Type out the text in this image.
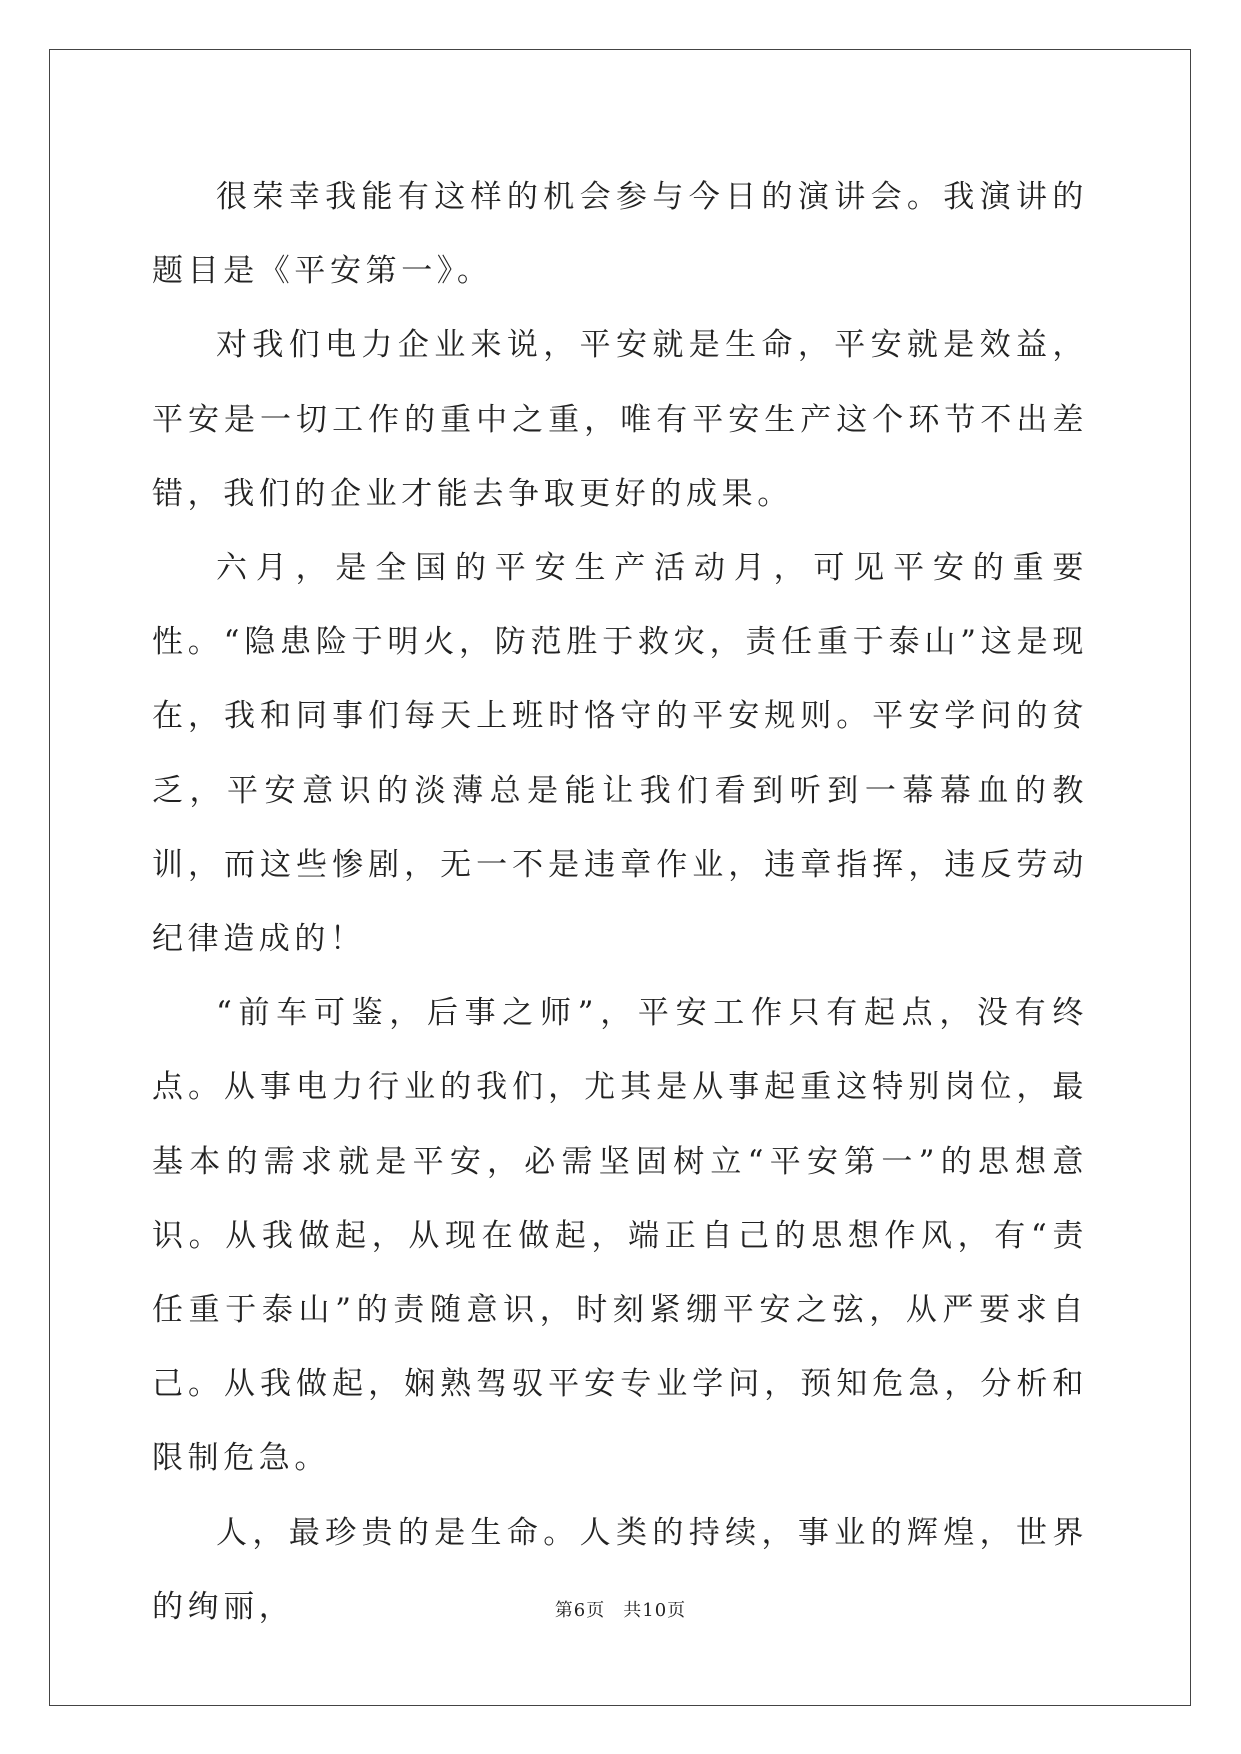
很荣幸我能有这样的机会参与今日的演讲会。我演讲的题目是《平安第一》。

对我们电力企业来说，平安就是生命，平安就是效益，平安是一切工作的重中之重，唯有平安生产这个环节不出差错，我们的企业才能去争取更好的成果。

六月，是全国的平安生产活动月，可见平安的重要性。“隐患险于明火，防范胜于救灾，责任重于泰山”这是现在，我和同事们每天上班时恪守的平安规则。平安学问的贫乏，平安意识的淡薄总是能让我们看到听到一幕幕血的教训，而这些惨剧，无一不是违章作业，违章指挥，违反劳动纪律造成的！

“前车可鉴，后事之师”，平安工作只有起点，没有终点。从事电力行业的我们，尤其是从事起重这特别岗位，最基本的需求就是平安，必需坚固树立“平安第一”的思想意识。从我做起，从现在做起，端正自己的思想作风，有“责任重于泰山”的责随意识，时刻紧绷平安之弦，从严要求自己。从我做起，娴熟驾驭平安专业学问，预知危急，分析和限制危急。

人，最珍贵的是生命。人类的持续，事业的辉煌，世界的绚丽，	第6页 共10页
